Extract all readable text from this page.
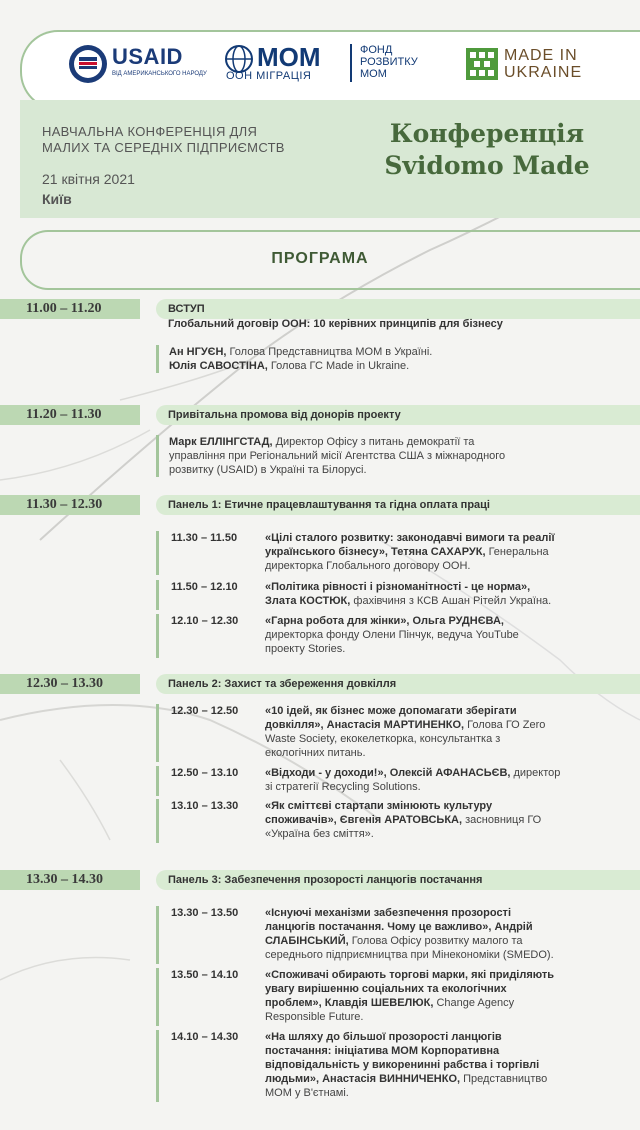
USAID
ВІД АМЕРИКАНСЬКОГО НАРОДУ
МОМ
ООН МІГРАЦІЯ
ФОНД
РОЗВИТКУ
МОМ
MADE IN
UKRAINE
НАВЧАЛЬНА КОНФЕРЕНЦІЯ ДЛЯ
МАЛИХ ТА СЕРЕДНІХ ПІДПРИЄМСТВ
21 квітня 2021
Київ
Конференція
Svidomo Made
ПРОГРАМА
11.00 – 11.20	ВСТУП
Глобальний договір ООН: 10 керівних принципів для бізнесу
Ан НГУЄН, Голова Представництва МОМ в Україні.
Юлія САВОСТІНА, Голова ГС Made in Ukraine.
11.20 – 11.30	Привітальна промова від донорів проекту
Марк ЕЛЛІНГСТАД, Директор Офісу з питань демократії та
управління при Регіональний місії Агентства США з міжнародного
розвитку (USAID) в Україні та Білорусі.
11.30 – 12.30	Панель 1: Етичне працевлаштування та гідна оплата праці
11.30 – 11.50	«Цілі сталого розвитку: законодавчі вимоги та реалії
українського бізнесу», Тетяна САХАРУК, Генеральна
директорка Глобального договору ООН.
11.50 – 12.10 «Політика рівності і різноманітності - це норма»,
Злата КОСТЮК, фахівчиня з КСВ Ашан Рітейл Україна.
12.10 – 12.30 «Гарна робота для жінки», Ольга РУДНЄВА,
директорка фонду Олени Пінчук, ведуча YouTube
проекту Stories.
12.30 – 13.30	Панель 2: Захист та збереження довкілля
12.30 – 12.50 «10 ідей, як бізнес може допомагати зберігати
довкілля», Анастасія МАРТИНЕНКО, Голова ГО Zero
Waste Society, екокелеткорка, консультантка з
екологічних питань.
12.50 – 13.10 «Відходи - у доходи!», Олексій АФАНАСЬЄВ, директор
зі стратегії Recycling Solutions.
13.10 – 13.30 «Як сміттєві стартапи змінюють культуру
споживачів», Євгенія АРАТОВСЬКА, засновниця ГО
«Україна без сміття».
13.30 – 14.30	Панель 3: Забезпечення прозорості ланцюгів постачання
13.30 – 13.50 «Існуючі механізми забезпечення прозорості
ланцюгів постачання. Чому це важливо», Андрій
СЛАБІНСЬКИЙ, Голова Офісу розвитку малого та
середнього підприємництва при Мінекономіки (SMEDO).
13.50 – 14.10 «Споживачі обирають торгові марки, які приділяють
увагу вирішенню соціальних та екологічних
проблем», Клавдія ШЕВЕЛЮК, Change Agency
Responsible Future.
14.10 – 14.30 «На шляху до більшої прозорості ланцюгів
постачання: ініціатива МОМ Корпоративна
відповідальність у викоренинні рабства і торгівлі
людьми», Анастасія ВИННИЧЕНКО, Представництво
МОМ у В'єтнамі.
